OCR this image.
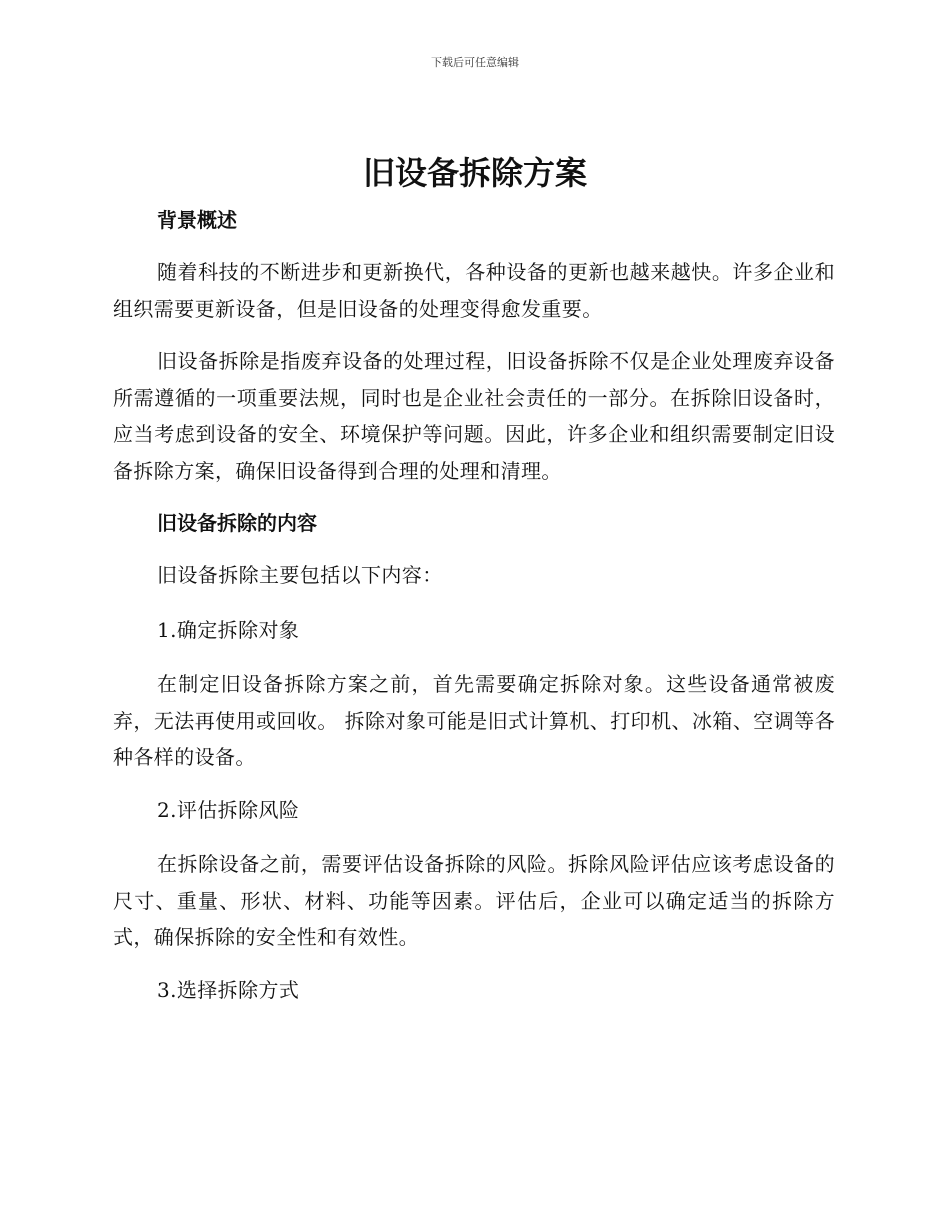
下载后可任意编辑
旧设备拆除方案
背景概述

随着科技的不断进步和更新换代，各种设备的更新也越来越快。许多企业和组织需要更新设备，但是旧设备的处理变得愈发重要。

旧设备拆除是指废弃设备的处理过程，旧设备拆除不仅是企业处理废弃设备所需遵循的一项重要法规，同时也是企业社会责任的一部分。在拆除旧设备时，应当考虑到设备的安全、环境保护等问题。因此，许多企业和组织需要制定旧设备拆除方案，确保旧设备得到合理的处理和清理。

旧设备拆除的内容

旧设备拆除主要包括以下内容：

1.确定拆除对象

在制定旧设备拆除方案之前，首先需要确定拆除对象。这些设备通常被废弃，无法再使用或回收。 拆除对象可能是旧式计算机、打印机、冰箱、空调等各种各样的设备。

2.评估拆除风险

在拆除设备之前，需要评估设备拆除的风险。拆除风险评估应该考虑设备的尺寸、重量、形状、材料、功能等因素。评估后，企业可以确定适当的拆除方式，确保拆除的安全性和有效性。

3.选择拆除方式
